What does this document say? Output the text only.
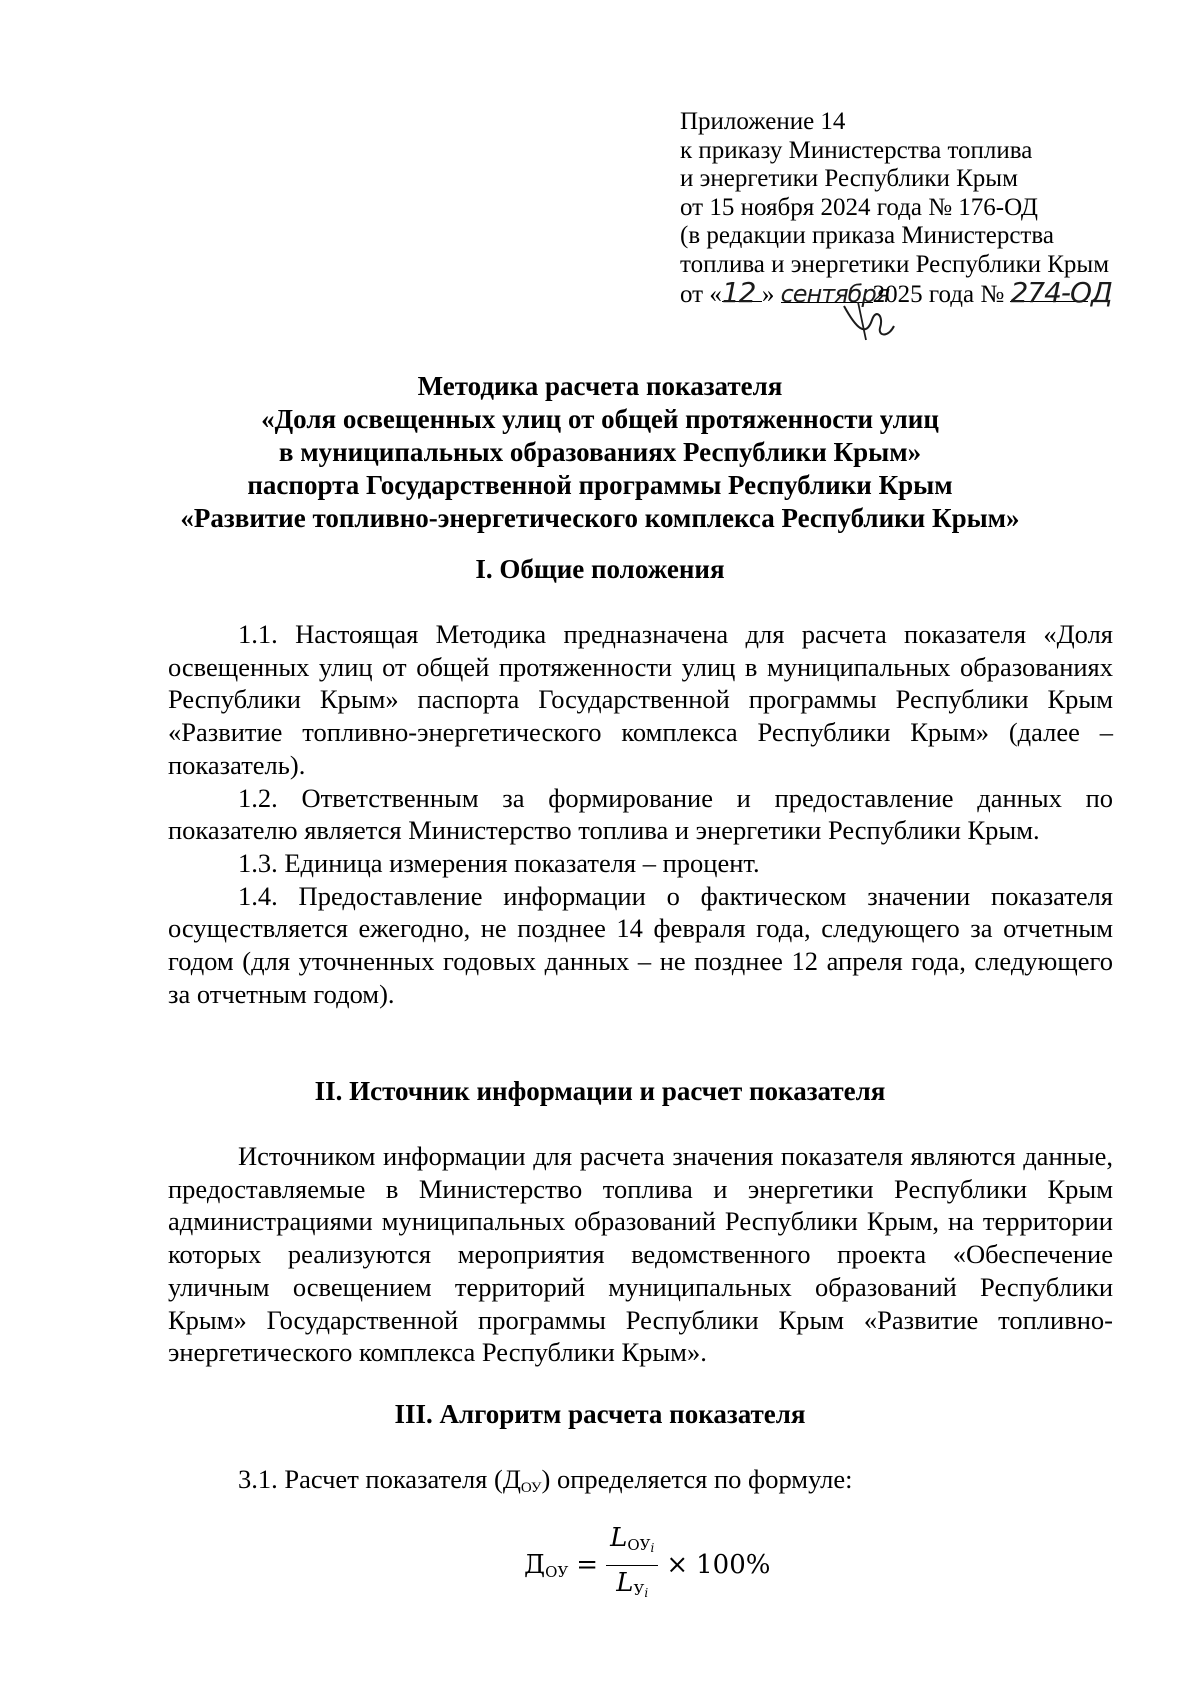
Приложение 14
к приказу Министерства топлива
и энергетики Республики Крым
от 15 ноября 2024 года № 176-ОД
(в редакции приказа Министерства
топлива и энергетики Республики Крым
от «12 » сентября2025 года № 274-ОД
Методика расчета показателя
«Доля освещенных улиц от общей протяженности улиц
в муниципальных образованиях Республики Крым»
паспорта Государственной программы Республики Крым
«Развитие топливно-энергетического комплекса Республики Крым»
I. Общие положения

1.1. Настоящая Методика предназначена для расчета показателя «Доля освещенных улиц от общей протяженности улиц в муниципальных образованиях Республики Крым» паспорта Государственной программы Республики Крым «Развитие топливно-энергетического комплекса Республики Крым» (далее – показатель).

1.2. Ответственным за формирование и предоставление данных по показателю является Министерство топлива и энергетики Республики Крым.

1.3. Единица измерения показателя – процент.

1.4. Предоставление информации о фактическом значении показателя осуществляется ежегодно, не позднее 14 февраля года, следующего за отчетным годом (для уточненных годовых данных – не позднее 12 апреля года, следующего за отчетным годом).

II. Источник информации и расчет показателя

Источником информации для расчета значения показателя являются данные, предоставляемые в Министерство топлива и энергетики Республики Крым администрациями муниципальных образований Республики Крым, на территории которых реализуются мероприятия ведомственного проекта «Обеспечение уличным освещением территорий муниципальных образований Республики Крым» Государственной программы Республики Крым «Развитие топливно-энергетического комплекса Республики Крым».

III. Алгоритм расчета показателя

3.1. Расчет показателя $(Д_{ОУ})$ определяется по формуле:

$Д_{ОУ} = \frac{L_{ОУi}}{L_{Уi}} \times 100\%$
